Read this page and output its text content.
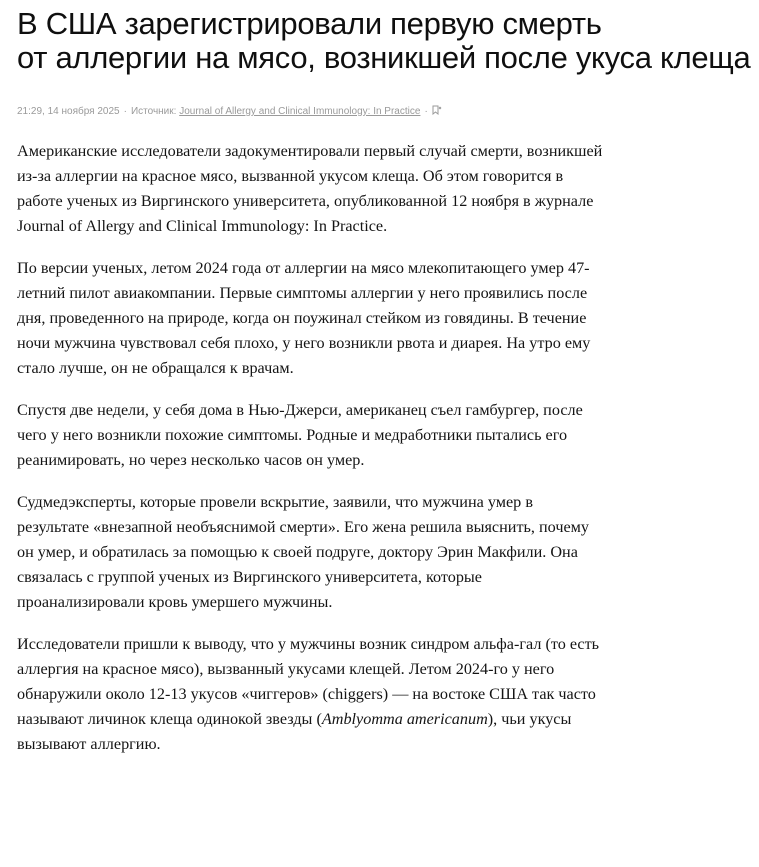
В США зарегистрировали первую смерть
от аллергии на мясо, возникшей после укуса клеща
21:29, 14 ноября 2025 · Источник: Journal of Allergy and Clinical Immunology: In Practice ·

Американские исследователи задокументировали первый случай смерти, возникшей из-за аллергии на красное мясо, вызванной укусом клеща. Об этом говорится в работе ученых из Виргинского университета, опубликованной 12 ноября в журнале Journal of Allergy and Clinical Immunology: In Practice.

По версии ученых, летом 2024 года от аллергии на мясо млекопитающего умер 47-летний пилот авиакомпании. Первые симптомы аллергии у него проявились после дня, проведенного на природе, когда он поужинал стейком из говядины. В течение ночи мужчина чувствовал себя плохо, у него возникли рвота и диарея. На утро ему стало лучше, он не обращался к врачам.

Спустя две недели, у себя дома в Нью-Джерси, американец съел гамбургер, после чего у него возникли похожие симптомы. Родные и медработники пытались его реанимировать, но через несколько часов он умер.

Судмедэксперты, которые провели вскрытие, заявили, что мужчина умер в результате «внезапной необъяснимой смерти». Его жена решила выяснить, почему он умер, и обратилась за помощью к своей подруге, доктору Эрин Макфили. Она связалась с группой ученых из Виргинского университета, которые проанализировали кровь умершего мужчины.

Исследователи пришли к выводу, что у мужчины возник синдром альфа-гал (то есть аллергия на красное мясо), вызванный укусами клещей. Летом 2024-го у него обнаружили около 12-13 укусов «чиггеров» (chiggers) — на востоке США так часто называют личинок клеща одинокой звезды (Amblyomma americanum), чьи укусы вызывают аллергию.
